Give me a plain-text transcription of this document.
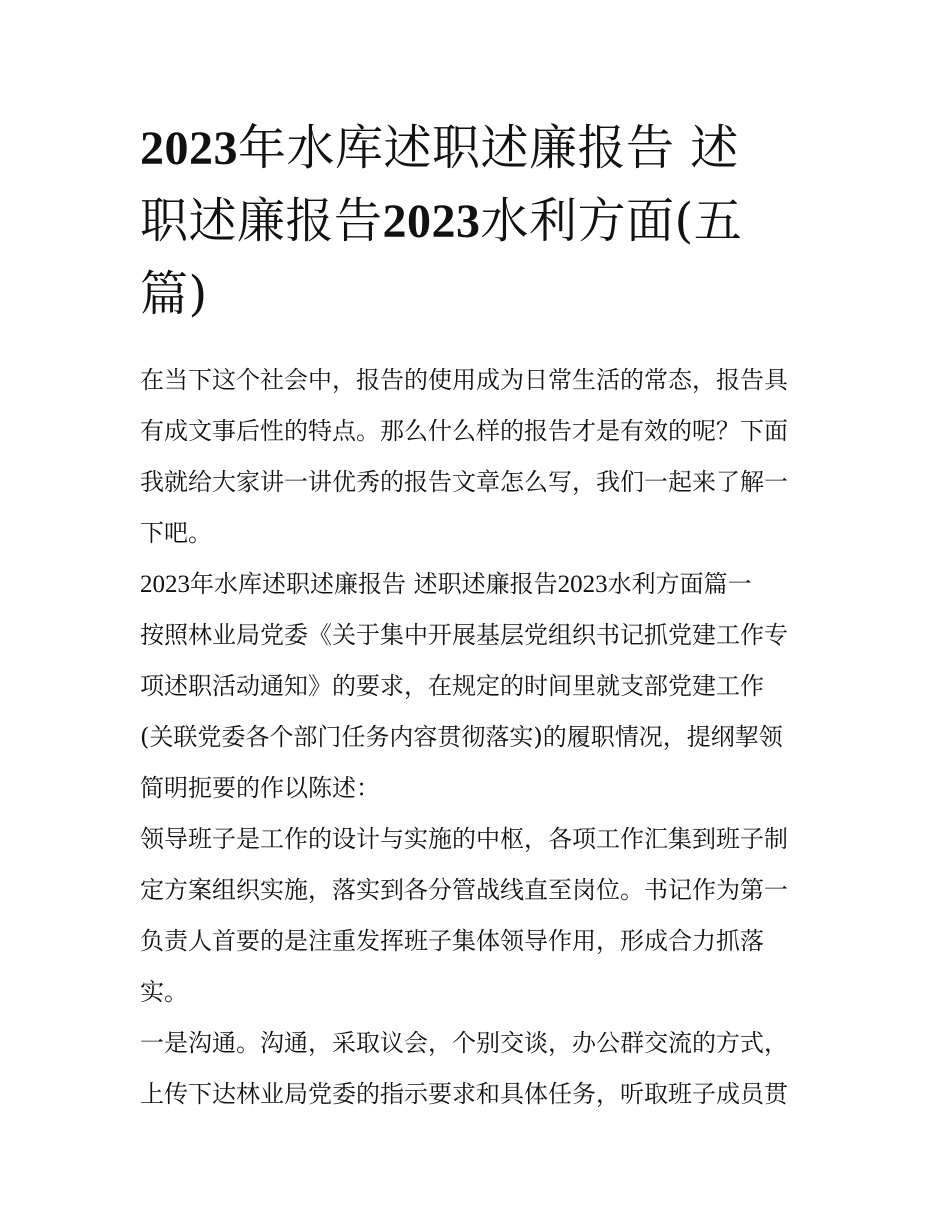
2023年水库述职述廉报告 述
职述廉报告2023水利方面(五
篇)
在当下这个社会中，报告的使用成为日常生活的常态，报告具
有成文事后性的特点。那么什么样的报告才是有效的呢？下面
我就给大家讲一讲优秀的报告文章怎么写，我们一起来了解一
下吧。
2023年水库述职述廉报告 述职述廉报告2023水利方面篇一
按照林业局党委《关于集中开展基层党组织书记抓党建工作专
项述职活动通知》的要求，在规定的时间里就支部党建工作
(关联党委各个部门任务内容贯彻落实)的履职情况，提纲挈领
简明扼要的作以陈述：
领导班子是工作的设计与实施的中枢，各项工作汇集到班子制
定方案组织实施，落实到各分管战线直至岗位。书记作为第一
负责人首要的是注重发挥班子集体领导作用，形成合力抓落
实。
一是沟通。沟通，采取议会，个别交谈，办公群交流的方式，
上传下达林业局党委的指示要求和具体任务，听取班子成员贯
